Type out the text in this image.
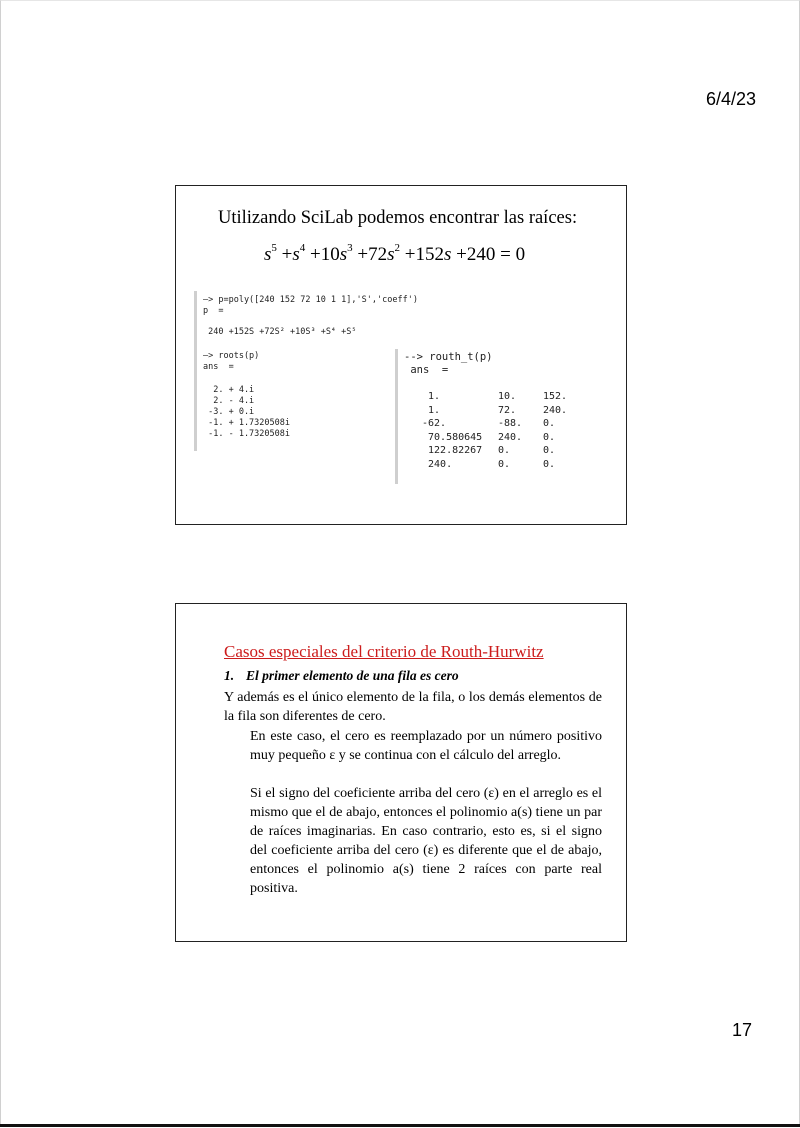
6/4/23
Utilizando SciLab podemos encontrar las raíces:
$s^5 +s^4 +10s^3 +72s^2 +152s +240 = 0$
—> p=poly([240 152 72 10 1 1],'S','coeff')
p  =
240 +152S +72S² +10S³ +S⁴ +S⁵
—> roots(p)
ans  =
2. + 4.i
2. - 4.i
-3. + 0.i
-1. + 1.7320508i
-1. - 1.7320508i
--> routh_t(p)
ans  =
1.	10.	152.
1.	72.	240.
-62.	-88.	0.
70.580645	240.	0.
122.82267	0.	0.
240.	0.	0.
Casos especiales del criterio de Routh-Hurwitz
1. El primer elemento de una fila es cero
Y además es el único elemento de la fila, o los demás elementos de la fila son diferentes de cero.
En este caso, el cero es reemplazado por un número positivo muy pequeño ε y se continua con el cálculo del arreglo.
Si el signo del coeficiente arriba del cero (ε) en el arreglo es el mismo que el de abajo, entonces el polinomio a(s) tiene un par de raíces imaginarias. En caso contrario, esto es, si el signo del coeficiente arriba del cero (ε) es diferente que el de abajo, entonces el polinomio a(s) tiene 2 raíces con parte real positiva.
17
